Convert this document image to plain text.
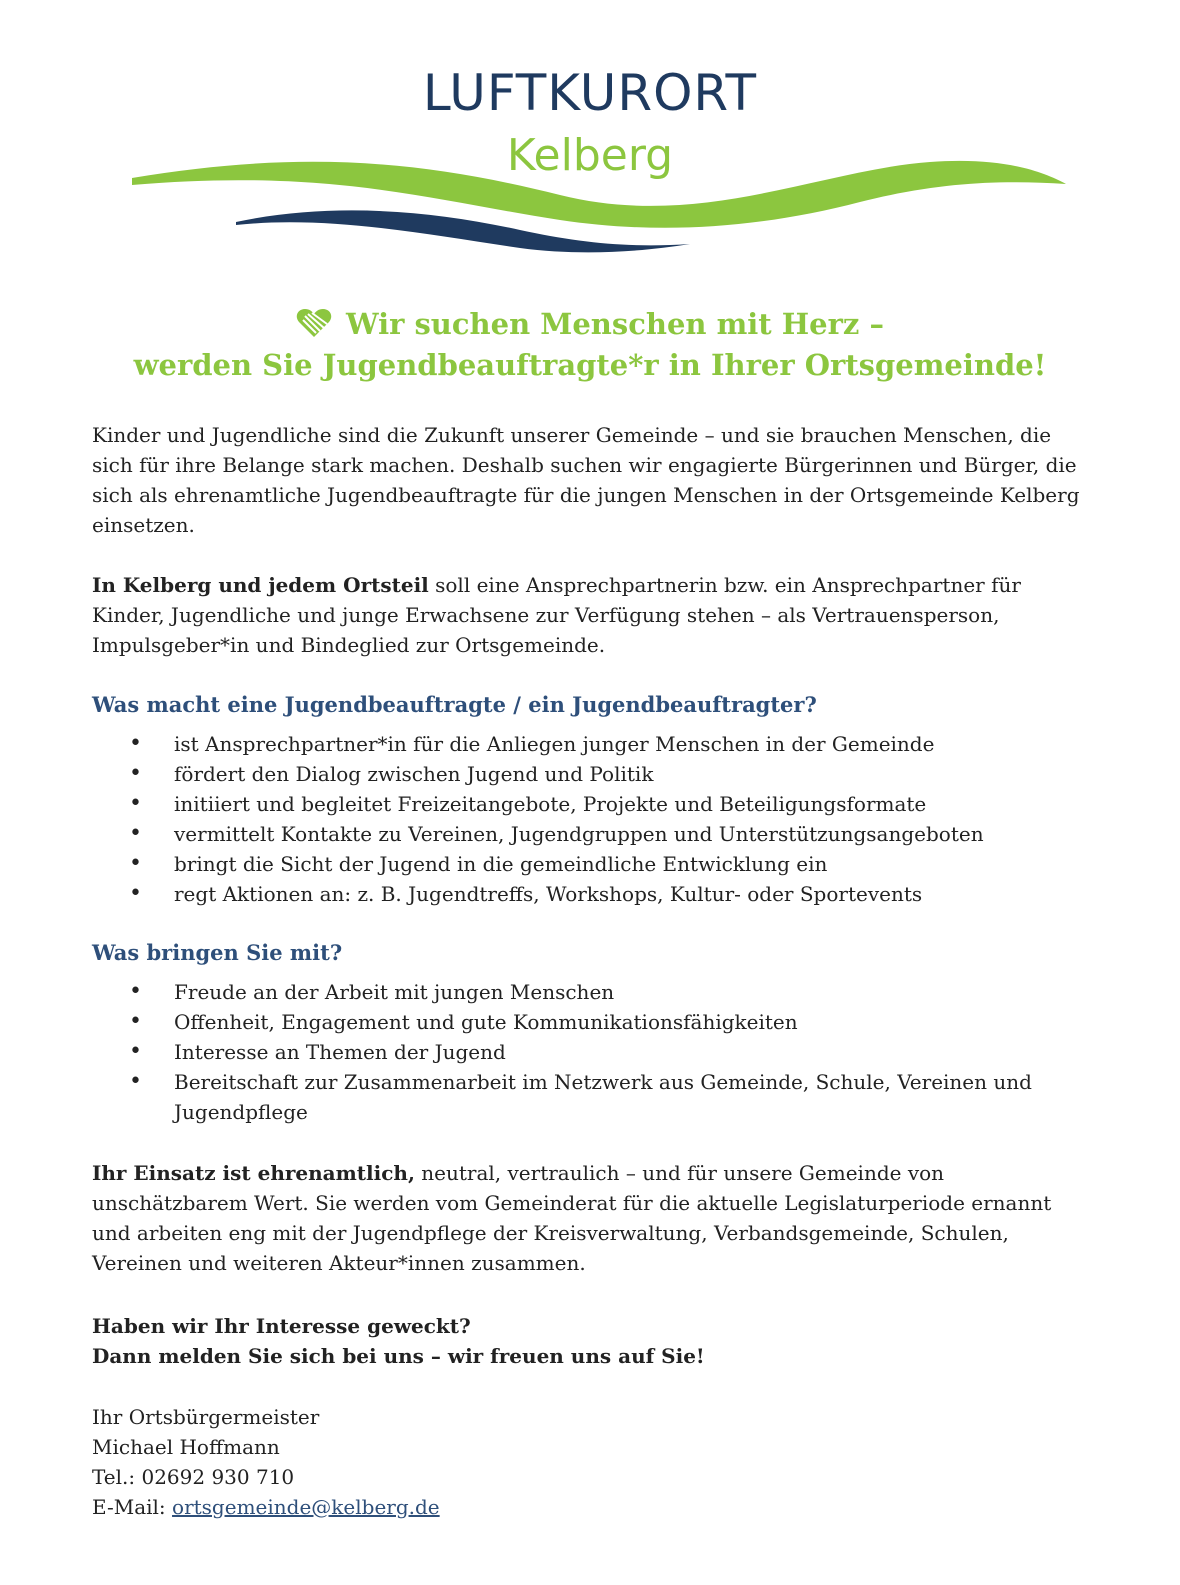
LUFTKURORT
Kelberg
Wir suchen Menschen mit Herz –
werden Sie Jugendbeauftragte*r in Ihrer Ortsgemeinde!

Kinder und Jugendliche sind die Zukunft unserer Gemeinde – und sie brauchen Menschen, die sich für ihre Belange stark machen. Deshalb suchen wir engagierte Bürgerinnen und Bürger, die sich als ehrenamtliche Jugendbeauftragte für die jungen Menschen in der Ortsgemeinde Kelberg einsetzen.

In Kelberg und jedem Ortsteil soll eine Ansprechpartnerin bzw. ein Ansprechpartner für Kinder, Jugendliche und junge Erwachsene zur Verfügung stehen – als Vertrauensperson, Impulsgeber*in und Bindeglied zur Ortsgemeinde.

Was macht eine Jugendbeauftragte / ein Jugendbeauftragter?
• ist Ansprechpartner*in für die Anliegen junger Menschen in der Gemeinde
• fördert den Dialog zwischen Jugend und Politik
• initiiert und begleitet Freizeitangebote, Projekte und Beteiligungsformate
• vermittelt Kontakte zu Vereinen, Jugendgruppen und Unterstützungsangeboten
• bringt die Sicht der Jugend in die gemeindliche Entwicklung ein
• regt Aktionen an: z. B. Jugendtreffs, Workshops, Kultur- oder Sportevents
Was bringen Sie mit?
• Freude an der Arbeit mit jungen Menschen
• Offenheit, Engagement und gute Kommunikationsfähigkeiten
• Interesse an Themen der Jugend
• Bereitschaft zur Zusammenarbeit im Netzwerk aus Gemeinde, Schule, Vereinen und Jugendpflege

Ihr Einsatz ist ehrenamtlich, neutral, vertraulich – und für unsere Gemeinde von unschätzbarem Wert. Sie werden vom Gemeinderat für die aktuelle Legislaturperiode ernannt und arbeiten eng mit der Jugendpflege der Kreisverwaltung, Verbandsgemeinde, Schulen, Vereinen und weiteren Akteur*innen zusammen.

Haben wir Ihr Interesse geweckt?

Dann melden Sie sich bei uns – wir freuen uns auf Sie!

Ihr Ortsbürgermeister
Michael Hoffmann
Tel.: 02692 930 710
E-Mail: ortsgemeinde@kelberg.de
